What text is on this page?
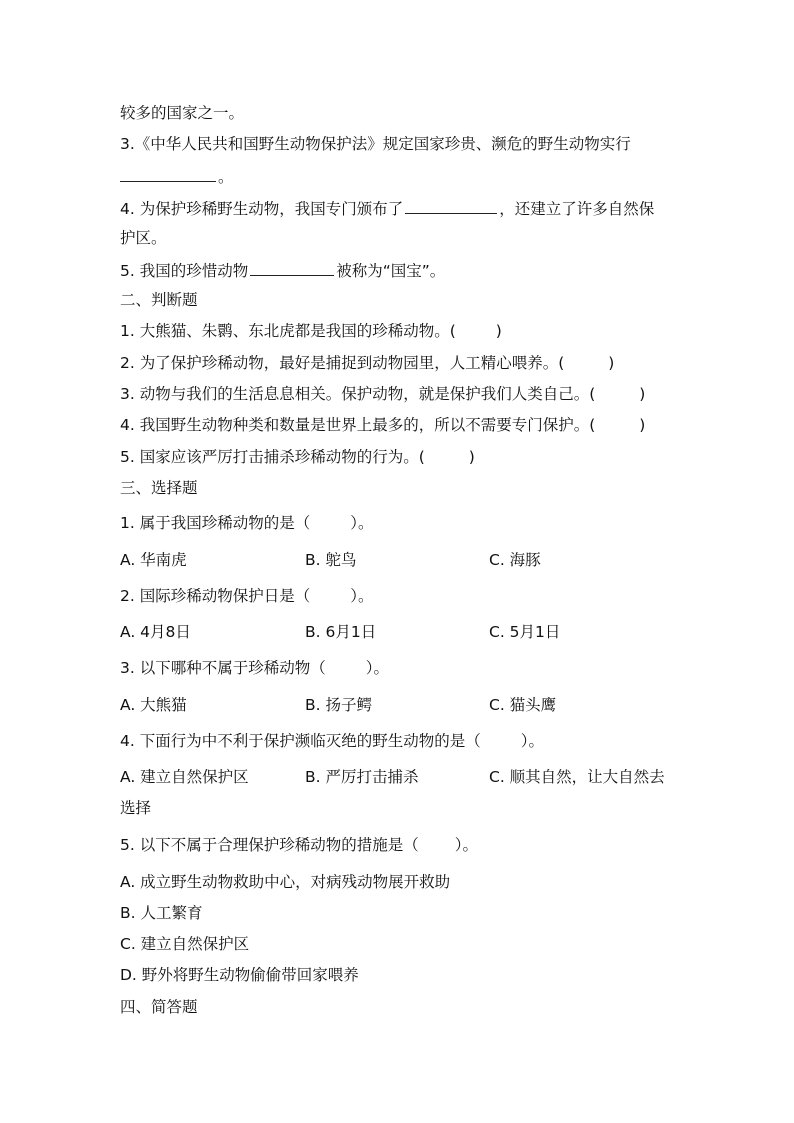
较多的国家之一。
3.《中华人民共和国野生动物保护法》规定国家珍贵、濒危的野生动物实行
。
4. 为保护珍稀野生动物，我国专门颁布了	，还建立了许多自然保
护区。
5. 我国的珍惜动物	被称为“国宝”。
二、判断题
1. 大熊猫、朱鹮、东北虎都是我国的珍稀动物。(	)
2. 为了保护珍稀动物，最好是捕捉到动物园里，人工精心喂养。(	)
3. 动物与我们的生活息息相关。保护动物，就是保护我们人类自己。(	)
4. 我国野生动物种类和数量是世界上最多的，所以不需要专门保护。(	)
5. 国家应该严厉打击捕杀珍稀动物的行为。(	)
三、选择题
1. 属于我国珍稀动物的是（	）。
A. 华南虎	B. 鸵鸟	C. 海豚
2. 国际珍稀动物保护日是（	）。
A. 4月8日	B. 6月1日	C. 5月1日
3. 以下哪种不属于珍稀动物（	）。
A. 大熊猫	B. 扬子鳄	C. 猫头鹰
4. 下面行为中不利于保护濒临灭绝的野生动物的是（	）。
A. 建立自然保护区	B. 严厉打击捕杀	C. 顺其自然，让大自然去
选择
5. 以下不属于合理保护珍稀动物的措施是（ ）。
A. 成立野生动物救助中心，对病残动物展开救助
B. 人工繁育
C. 建立自然保护区
D. 野外将野生动物偷偷带回家喂养
四、简答题
